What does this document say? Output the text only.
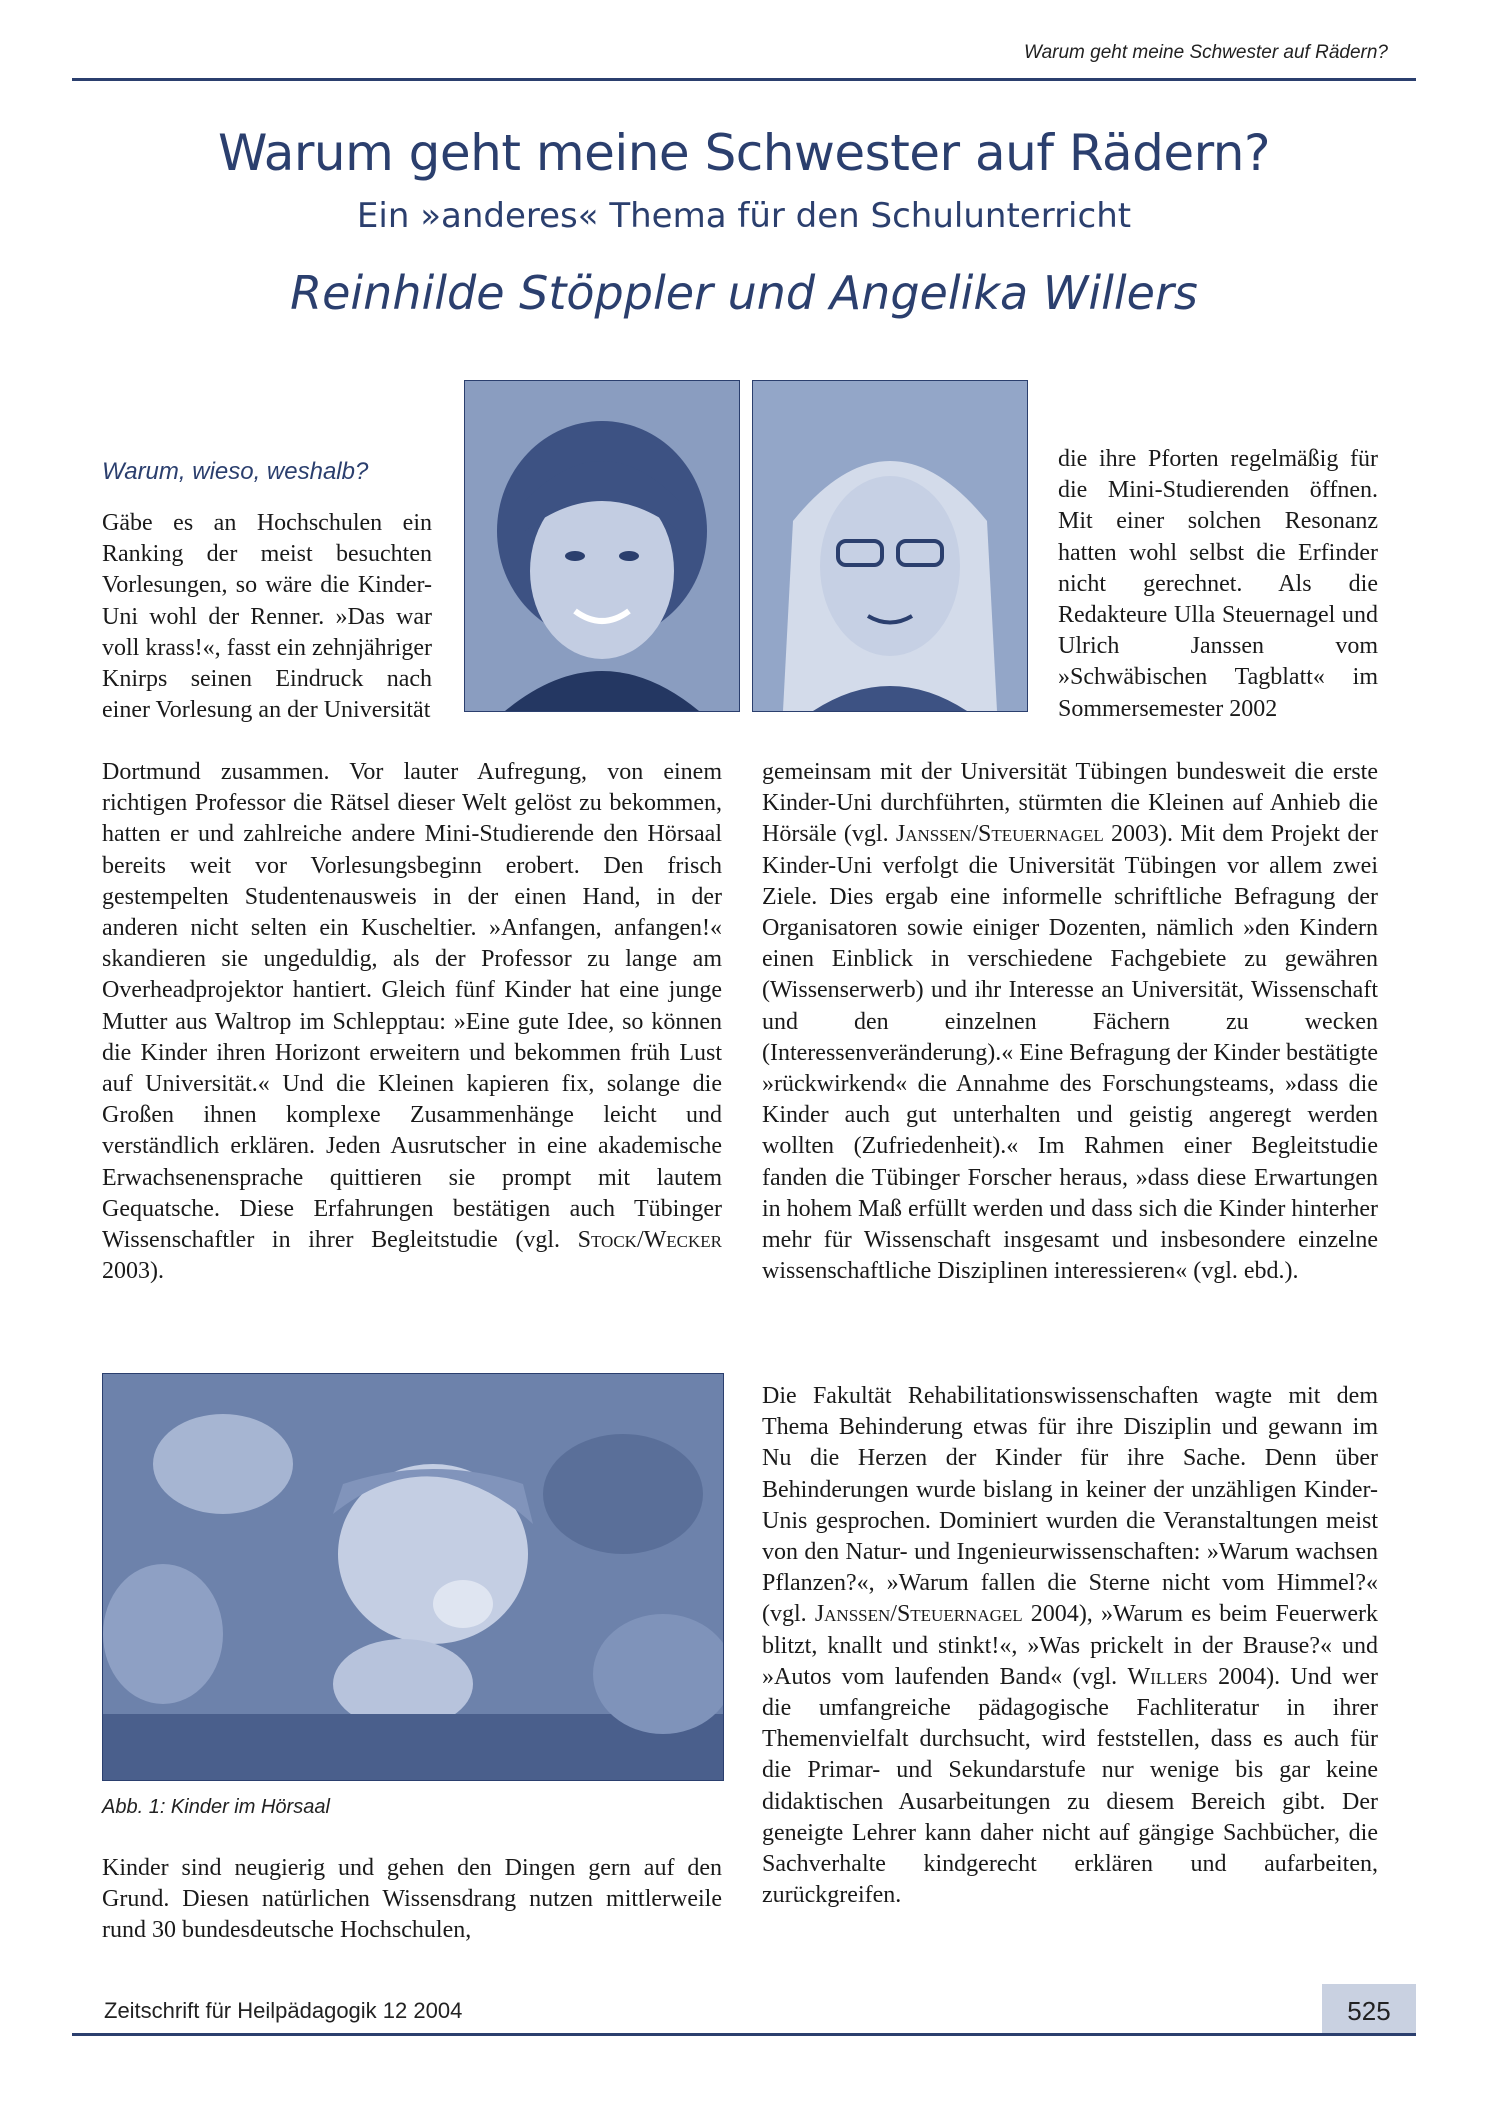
Warum geht meine Schwester auf Rädern?
Warum geht meine Schwester auf Rädern?
Ein »anderes« Thema für den Schulunterricht
Reinhilde Stöppler und Angelika Willers
Warum, wieso, weshalb?
Gäbe es an Hochschulen ein Ranking der meist besuchten Vorlesungen, so wäre die Kinder-Uni wohl der Renner. »Das war voll krass!«, fasst ein zehnjähriger Knirps seinen Eindruck nach einer Vorlesung an der Universität
Dortmund zusammen. Vor lauter Aufregung, von einem richtigen Professor die Rätsel dieser Welt gelöst zu bekommen, hatten er und zahlreiche andere Mini-Studierende den Hörsaal bereits weit vor Vorlesungsbeginn erobert. Den frisch gestempelten Studentenausweis in der einen Hand, in der anderen nicht selten ein Kuscheltier. »Anfangen, anfangen!« skandieren sie ungeduldig, als der Professor zu lange am Overheadprojektor hantiert. Gleich fünf Kinder hat eine junge Mutter aus Waltrop im Schlepptau: »Eine gute Idee, so können die Kinder ihren Horizont erweitern und bekommen früh Lust auf Universität.« Und die Kleinen kapieren fix, solange die Großen ihnen komplexe Zusammenhänge leicht und verständlich erklären. Jeden Ausrutscher in eine akademische Erwachsenensprache quittieren sie prompt mit lautem Gequatsche. Diese Erfahrungen bestätigen auch Tübinger Wissenschaftler in ihrer Begleitstudie (vgl. Stock/Wecker 2003).
Abb. 1: Kinder im Hörsaal
Kinder sind neugierig und gehen den Dingen gern auf den Grund. Diesen natürlichen Wissensdrang nutzen mittlerweile rund 30 bundesdeutsche Hochschulen,
die ihre Pforten regelmäßig für die Mini-Studierenden öffnen. Mit einer solchen Resonanz hatten wohl selbst die Erfinder nicht gerechnet. Als die Redakteure Ulla Steuernagel und Ulrich Janssen vom »Schwäbischen Tagblatt« im Sommersemester 2002
gemeinsam mit der Universität Tübingen bundesweit die erste Kinder-Uni durchführten, stürmten die Kleinen auf Anhieb die Hörsäle (vgl. Janssen/Steuernagel 2003). Mit dem Projekt der Kinder-Uni verfolgt die Universität Tübingen vor allem zwei Ziele. Dies ergab eine informelle schriftliche Befragung der Organisatoren sowie einiger Dozenten, nämlich »den Kindern einen Einblick in verschiedene Fachgebiete zu gewähren (Wissenserwerb) und ihr Interesse an Universität, Wissenschaft und den einzelnen Fächern zu wecken (Interessenveränderung).« Eine Befragung der Kinder bestätigte »rückwirkend« die Annahme des Forschungsteams, »dass die Kinder auch gut unterhalten und geistig angeregt werden wollten (Zufriedenheit).« Im Rahmen einer Begleitstudie fanden die Tübinger Forscher heraus, »dass diese Erwartungen in hohem Maß erfüllt werden und dass sich die Kinder hinterher mehr für Wissenschaft insgesamt und insbesondere einzelne wissenschaftliche Disziplinen interessieren« (vgl. ebd.).
Die Fakultät Rehabilitationswissenschaften wagte mit dem Thema Behinderung etwas für ihre Disziplin und gewann im Nu die Herzen der Kinder für ihre Sache. Denn über Behinderungen wurde bislang in keiner der unzähligen Kinder-Unis gesprochen. Dominiert wurden die Veranstaltungen meist von den Natur- und Ingenieurwissenschaften: »Warum wachsen Pflanzen?«, »Warum fallen die Sterne nicht vom Himmel?« (vgl. Janssen/Steuernagel 2004), »Warum es beim Feuerwerk blitzt, knallt und stinkt!«, »Was prickelt in der Brause?« und »Autos vom laufenden Band« (vgl. Willers 2004). Und wer die umfangreiche pädagogische Fachliteratur in ihrer Themenvielfalt durchsucht, wird feststellen, dass es auch für die Primar- und Sekundarstufe nur wenige bis gar keine didaktischen Ausarbeitungen zu diesem Bereich gibt. Der geneigte Lehrer kann daher nicht auf gängige Sachbücher, die Sachverhalte kindgerecht erklären und aufarbeiten, zurückgreifen.
Zeitschrift für Heilpädagogik 12 2004	525
